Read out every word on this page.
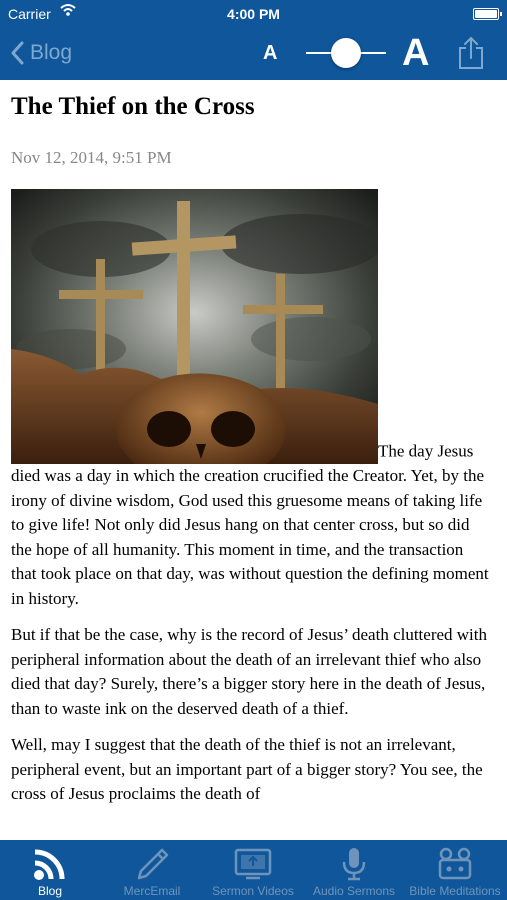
Carrier	4:00 PM
Blog	A	A
The Thief on the Cross
Nov 12, 2014, 9:51 PM

The day Jesus died was a day in which the creation crucified the Creator. Yet, by the irony of divine wisdom, God used this gruesome means of taking life to give life! Not only did Jesus hang on that center cross, but so did the hope of all humanity. This moment in time, and the transaction that took place on that day, was without question the defining moment in history.

But if that be the case, why is the record of Jesus’ death cluttered with peripheral information about the death of an irrelevant thief who also died that day? Surely, there’s a bigger story here in the death of Jesus, than to waste ink on the deserved death of a thief.

Well, may I suggest that the death of the thief is not an irrelevant, peripheral event, but an important part of a bigger story? You see, the cross of Jesus proclaims the death of

Blog	MercEmail	Sermon Videos	Audio Sermons	Bible Meditations
